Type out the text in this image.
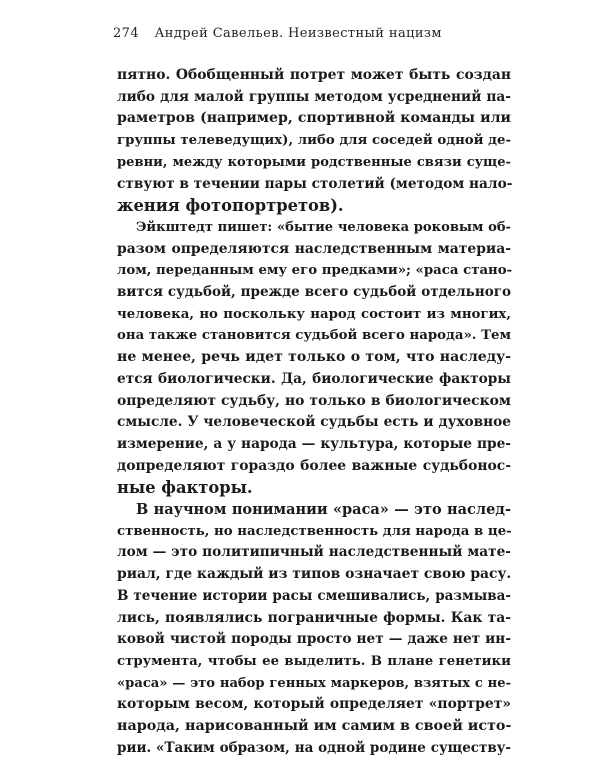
274 Андрей Савельев. Неизвестный нацизм
пятно. Обобщенный потрет может быть создан
либо для малой группы методом усреднений па-
раметров (например, спортивной команды или
группы телеведущих), либо для соседей одной де-
ревни, между которыми родственные связи суще-
ствуют в течении пары столетий (методом нало-
жения фотопортретов).
Эйкштедт пишет: «бытие человека роковым об-
разом определяются наследственным материа-
лом, переданным ему его предками»; «раса стано-
вится судьбой, прежде всего судьбой отдельного
человека, но поскольку народ состоит из многих,
она также становится судьбой всего народа». Тем
не менее, речь идет только о том, что наследу-
ется биологически. Да, биологические факторы
определяют судьбу, но только в биологическом
смысле. У человеческой судьбы есть и духовное
измерение, а у народа — культура, которые пре-
допределяют гораздо более важные судьбонос-
ные факторы.
В научном понимании «раса» — это наслед-
ственность, но наследственность для народа в це-
лом — это политипичный наследственный мате-
риал, где каждый из типов означает свою расу.
В течение истории расы смешивались, размыва-
лись, появлялись пограничные формы. Как та-
ковой чистой породы просто нет — даже нет ин-
струмента, чтобы ее выделить. В плане генетики
«раса» — это набор генных маркеров, взятых с не-
которым весом, который определяет «портрет»
народа, нарисованный им самим в своей исто-
рии. «Таким образом, на одной родине существу-
